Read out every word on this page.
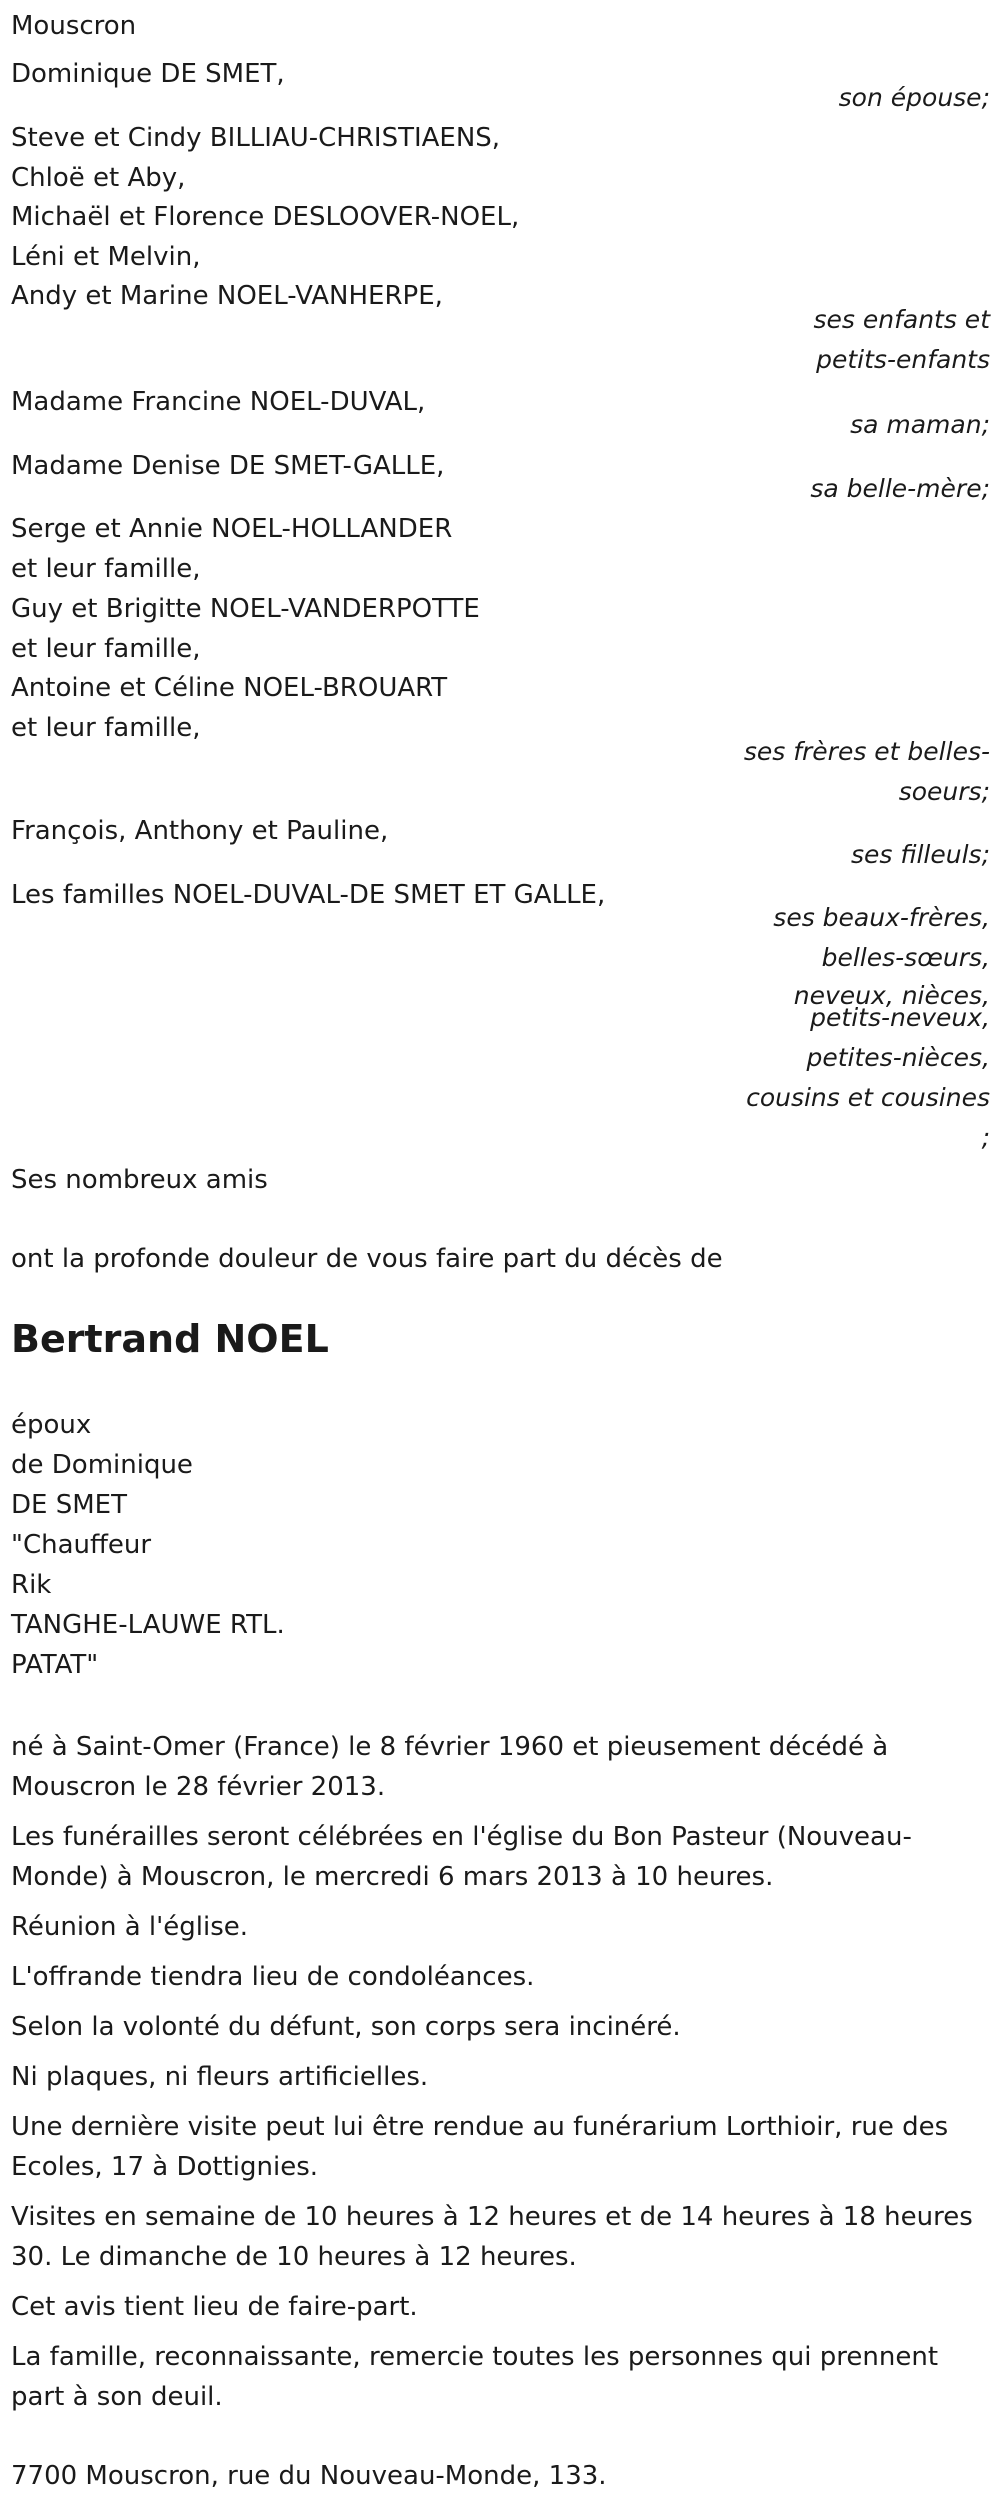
Mouscron
Dominique DE SMET,
son épouse;
Steve et Cindy BILLIAU-CHRISTIAENS,
Chloë et Aby,
Michaël et Florence DESLOOVER-NOEL,
Léni et Melvin,
Andy et Marine NOEL-VANHERPE,
ses enfants et
petits-enfants
Madame Francine NOEL-DUVAL,
sa maman;
Madame Denise DE SMET-GALLE,
sa belle-mère;
Serge et Annie NOEL-HOLLANDER
et leur famille,
Guy et Brigitte NOEL-VANDERPOTTE
et leur famille,
Antoine et Céline NOEL-BROUART
et leur famille,
ses frères et belles-
soeurs;
François, Anthony et Pauline,
ses filleuls;
Les familles NOEL-DUVAL-DE SMET ET GALLE,
ses beaux-frères,
belles-sœurs,
neveux, nièces,
petits-neveux,
petites-nièces,
cousins et cousines
;
Ses nombreux amis
ont la profonde douleur de vous faire part du décès de
Bertrand NOEL
époux
de Dominique
DE SMET
"Chauffeur
Rik
TANGHE-LAUWE RTL.
PATAT"
né à Saint-Omer (France) le 8 février 1960 et pieusement décédé à
Mouscron le 28 février 2013.
Les funérailles seront célébrées en l'église du Bon Pasteur (Nouveau-
Monde) à Mouscron, le mercredi 6 mars 2013 à 10 heures.
Réunion à l'église.
L'offrande tiendra lieu de condoléances.
Selon la volonté du défunt, son corps sera incinéré.
Ni plaques, ni fleurs artificielles.
Une dernière visite peut lui être rendue au funérarium Lorthioir, rue des
Ecoles, 17 à Dottignies.
Visites en semaine de 10 heures à 12 heures et de 14 heures à 18 heures
30. Le dimanche de 10 heures à 12 heures.
Cet avis tient lieu de faire-part.
La famille, reconnaissante, remercie toutes les personnes qui prennent
part à son deuil.
7700 Mouscron, rue du Nouveau-Monde, 133.
